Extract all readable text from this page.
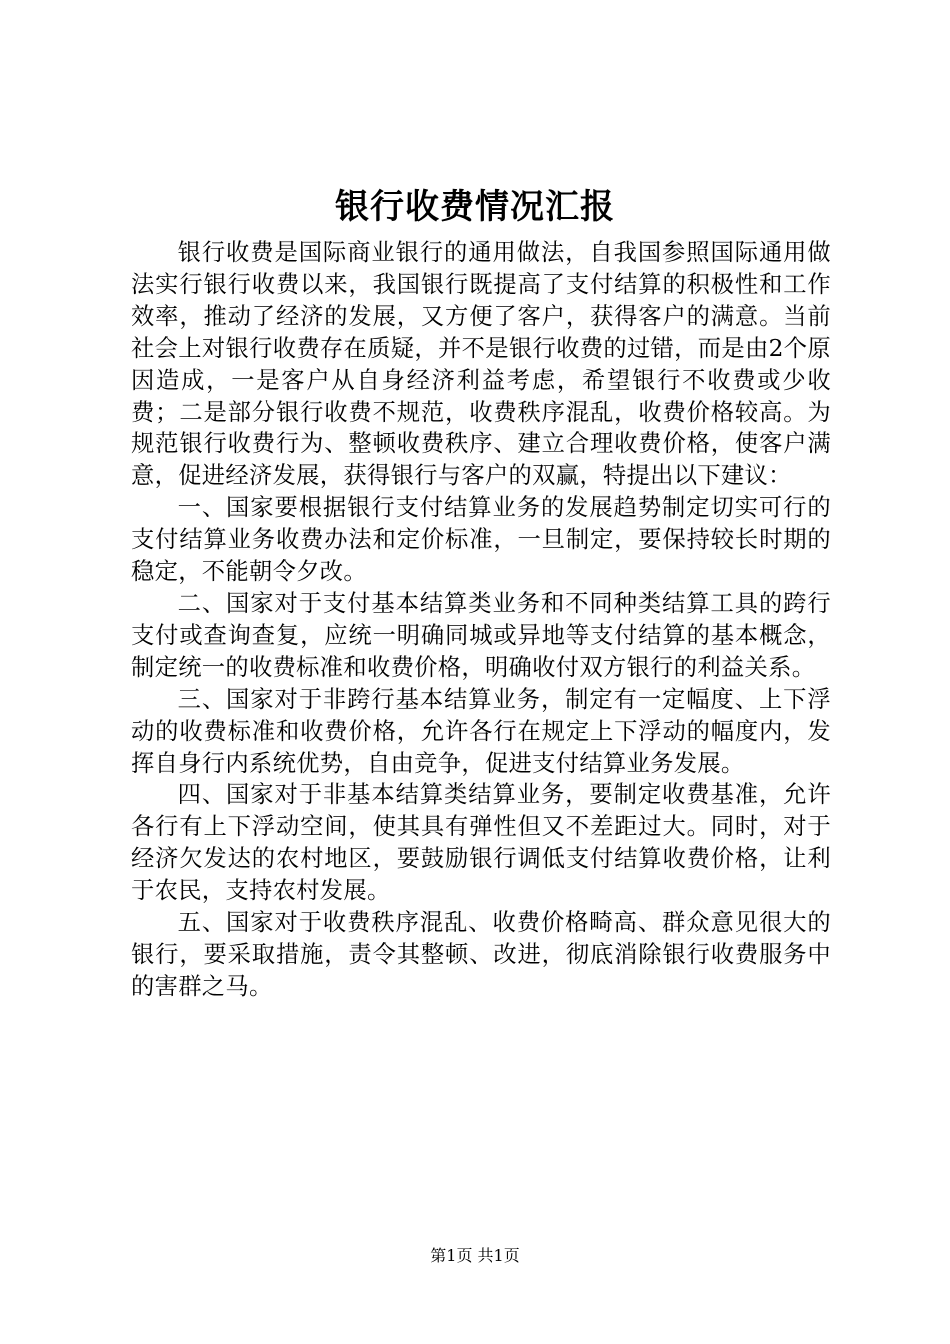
银行收费情况汇报

银行收费是国际商业银行的通用做法，自我国参照国际通用做法实行银行收费以来，我国银行既提高了支付结算的积极性和工作效率，推动了经济的发展，又方便了客户，获得客户的满意。当前社会上对银行收费存在质疑，并不是银行收费的过错，而是由2个原因造成，一是客户从自身经济利益考虑，希望银行不收费或少收费；二是部分银行收费不规范，收费秩序混乱，收费价格较高。为规范银行收费行为、整顿收费秩序、建立合理收费价格，使客户满意，促进经济发展，获得银行与客户的双赢，特提出以下建议：

一、国家要根据银行支付结算业务的发展趋势制定切实可行的支付结算业务收费办法和定价标准，一旦制定，要保持较长时期的稳定，不能朝令夕改。

二、国家对于支付基本结算类业务和不同种类结算工具的跨行支付或查询查复，应统一明确同城或异地等支付结算的基本概念，制定统一的收费标准和收费价格，明确收付双方银行的利益关系。

三、国家对于非跨行基本结算业务，制定有一定幅度、上下浮动的收费标准和收费价格，允许各行在规定上下浮动的幅度内，发挥自身行内系统优势，自由竞争，促进支付结算业务发展。

四、国家对于非基本结算类结算业务，要制定收费基准，允许各行有上下浮动空间，使其具有弹性但又不差距过大。同时，对于经济欠发达的农村地区，要鼓励银行调低支付结算收费价格，让利于农民，支持农村发展。

五、国家对于收费秩序混乱、收费价格畸高、群众意见很大的银行，要采取措施，责令其整顿、改进，彻底消除银行收费服务中的害群之马。

第1页 共1页
